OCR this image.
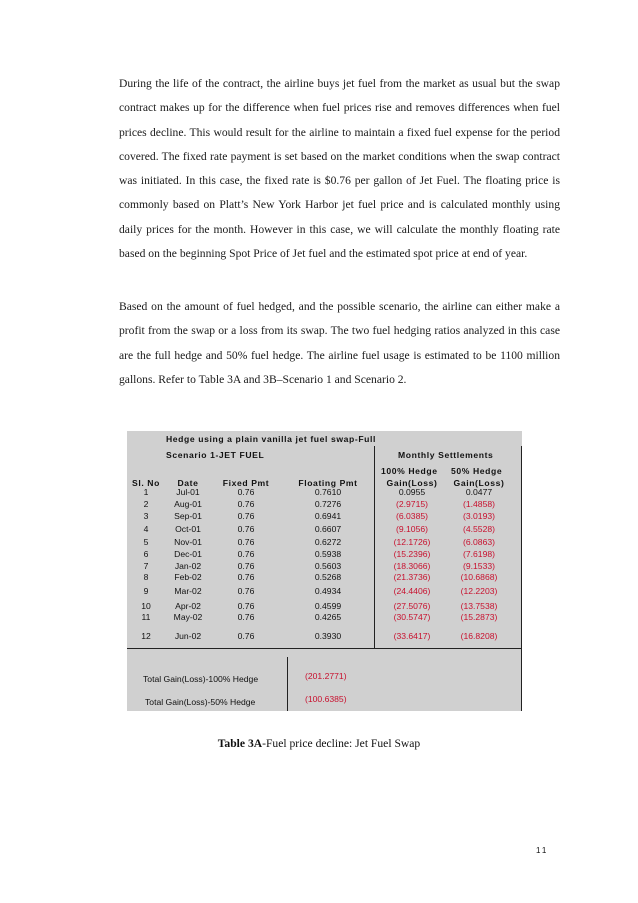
During the life of the contract, the airline buys jet fuel from the market as usual but the swap contract makes up for the difference when fuel prices rise and removes differences when fuel prices decline. This would result for the airline to maintain a fixed fuel expense for the period covered. The fixed rate payment is set based on the market conditions when the swap contract was initiated. In this case, the fixed rate is $0.76 per gallon of Jet Fuel. The floating price is commonly based on Platt’s New York Harbor jet fuel price and is calculated monthly using daily prices for the month. However in this case, we will calculate the monthly floating rate based on the beginning Spot Price of Jet fuel and the estimated spot price at end of year.

Based on the amount of fuel hedged, and the possible scenario, the airline can either make a profit from the swap or a loss from its swap. The two fuel hedging ratios analyzed in this case are the full hedge and 50% fuel hedge. The airline fuel usage is estimated to be 1100 million gallons. Refer to Table 3A and 3B–Scenario 1 and Scenario 2.

Hedge using a plain vanilla jet fuel swap-Full
Scenario 1-JET FUEL	Monthly Settlements
100% Hedge 50% Hedge
Sl. No	Date	Fixed Pmt	Floating Pmt	Gain(Loss)	Gain(Loss)
1	Jul-01	0.76	0.7610	0.0955	0.0477
2	Aug-01	0.76	0.7276	(2.9715)	(1.4858)
3	Sep-01	0.76	0.6941	(6.0385)	(3.0193)
4	Oct-01	0.76	0.6607	(9.1056)	(4.5528)
5	Nov-01	0.76	0.6272	(12.1726)	(6.0863)
6	Dec-01	0.76	0.5938	(15.2396)	(7.6198)
7	Jan-02	0.76	0.5603	(18.3066)	(9.1533)
8	Feb-02	0.76	0.5268	(21.3736)	(10.6868)
9	Mar-02	0.76	0.4934	(24.4406)	(12.2203)
10	Apr-02	0.76	0.4599	(27.5076)	(13.7538)
11	May-02	0.76	0.4265	(30.5747)	(15.2873)
12	Jun-02	0.76	0.3930	(33.6417)	(16.8208)
Total Gain(Loss)-100% Hedge	(201.2771)
Total Gain(Loss)-50% Hedge	(100.6385)
Table 3A-Fuel price decline: Jet Fuel Swap
11
